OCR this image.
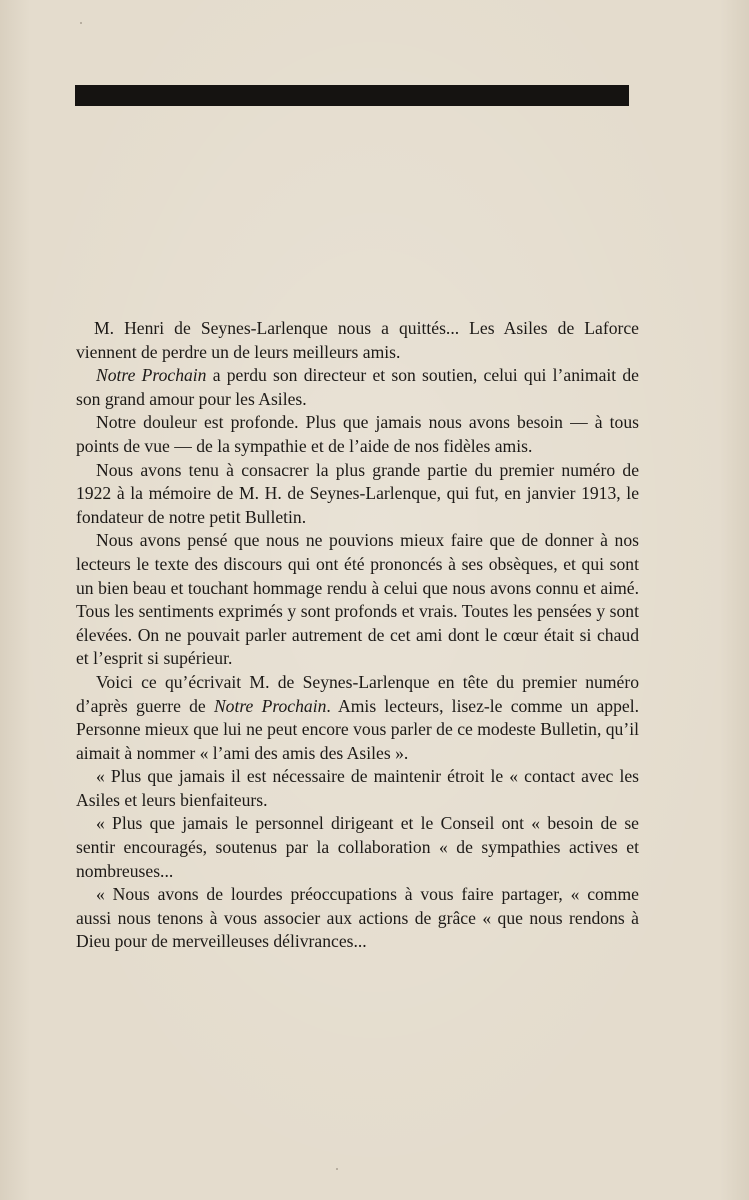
M. Henri de Seynes-Larlenque nous a quittés... Les Asiles de Laforce viennent de perdre un de leurs meilleurs amis.

Notre Prochain a perdu son directeur et son soutien, celui qui l’animait de son grand amour pour les Asiles.

Notre douleur est profonde. Plus que jamais nous avons besoin — à tous points de vue — de la sympathie et de l’aide de nos fidèles amis.

Nous avons tenu à consacrer la plus grande partie du premier numéro de 1922 à la mémoire de M. H. de Seynes-Larlenque, qui fut, en janvier 1913, le fondateur de notre petit Bulletin.

Nous avons pensé que nous ne pouvions mieux faire que de donner à nos lecteurs le texte des discours qui ont été prononcés à ses obsèques, et qui sont un bien beau et touchant hommage rendu à celui que nous avons connu et aimé. Tous les sentiments exprimés y sont profonds et vrais. Toutes les pensées y sont élevées. On ne pouvait parler autrement de cet ami dont le cœur était si chaud et l’esprit si supérieur.

Voici ce qu’écrivait M. de Seynes-Larlenque en tête du premier numéro d’après guerre de Notre Prochain. Amis lecteurs, lisez-le comme un appel. Personne mieux que lui ne peut encore vous parler de ce modeste Bulletin, qu’il aimait à nommer « l’ami des amis des Asiles ».

« Plus que jamais il est nécessaire de maintenir étroit le « contact avec les Asiles et leurs bienfaiteurs.

« Plus que jamais le personnel dirigeant et le Conseil ont « besoin de se sentir encouragés, soutenus par la collaboration « de sympathies actives et nombreuses...

« Nous avons de lourdes préoccupations à vous faire partager, « comme aussi nous tenons à vous associer aux actions de grâce « que nous rendons à Dieu pour de merveilleuses délivrances...
